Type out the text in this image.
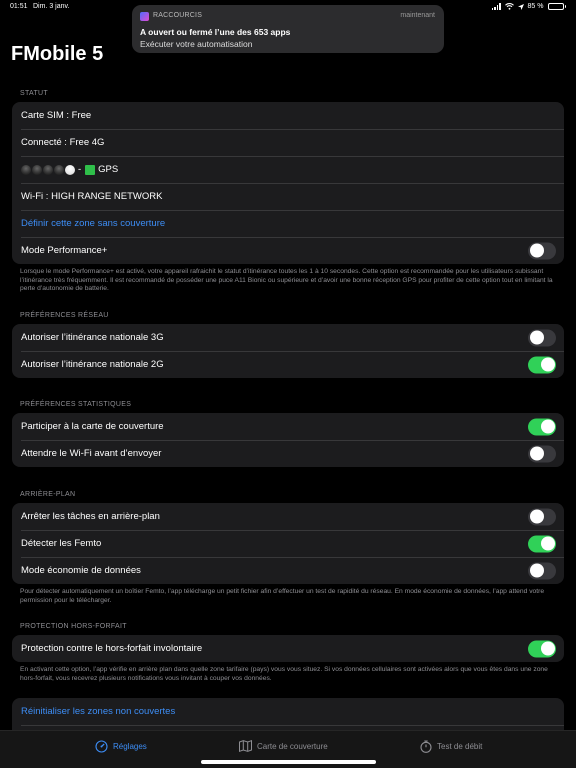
01:51 Dim. 3 janv.	85 %
RACCOURCIS	maintenant
A ouvert ou fermé l’une des 653 apps
Exécuter votre automatisation
FMobile 5
STATUT
Carte SIM : Free
Connecté : Free 4G
- GPS
Wi-Fi : HIGH RANGE NETWORK
Définir cette zone sans couverture
Mode Performance+
Lorsque le mode Performance+ est activé, votre appareil rafraichit le statut d’itinérance toutes les 1 à 10 secondes. Cette option est recommandée pour les utilisateurs subissant l’itinérance très fréquemment. Il est recommandé de posséder une puce A11 Bionic ou supérieure et d’avoir une bonne réception GPS pour profiter de cette option tout en limitant la perte d’autonomie de batterie.
PRÉFÉRENCES RÉSEAU
Autoriser l’itinérance nationale 3G
Autoriser l’itinérance nationale 2G
PRÉFÉRENCES STATISTIQUES
Participer à la carte de couverture
Attendre le Wi-Fi avant d’envoyer
ARRIÈRE-PLAN
Arrêter les tâches en arrière-plan
Détecter les Femto
Mode économie de données
Pour détecter automatiquement un boîtier Femto, l’app télécharge un petit fichier afin d’effectuer un test de rapidité du réseau. En mode économie de données, l’app attend votre permission pour le télécharger.
PROTECTION HORS-FORFAIT
Protection contre le hors-forfait involontaire
En activant cette option, l’app vérifie en arrière plan dans quelle zone tarifaire (pays) vous vous situez. Si vos données cellulaires sont activées alors que vous êtes dans une zone hors-forfait, vous recevrez plusieurs notifications vous invitant à couper vos données.
Réinitialiser les zones non couvertes
Réglages	Carte de couverture	Test de débit
